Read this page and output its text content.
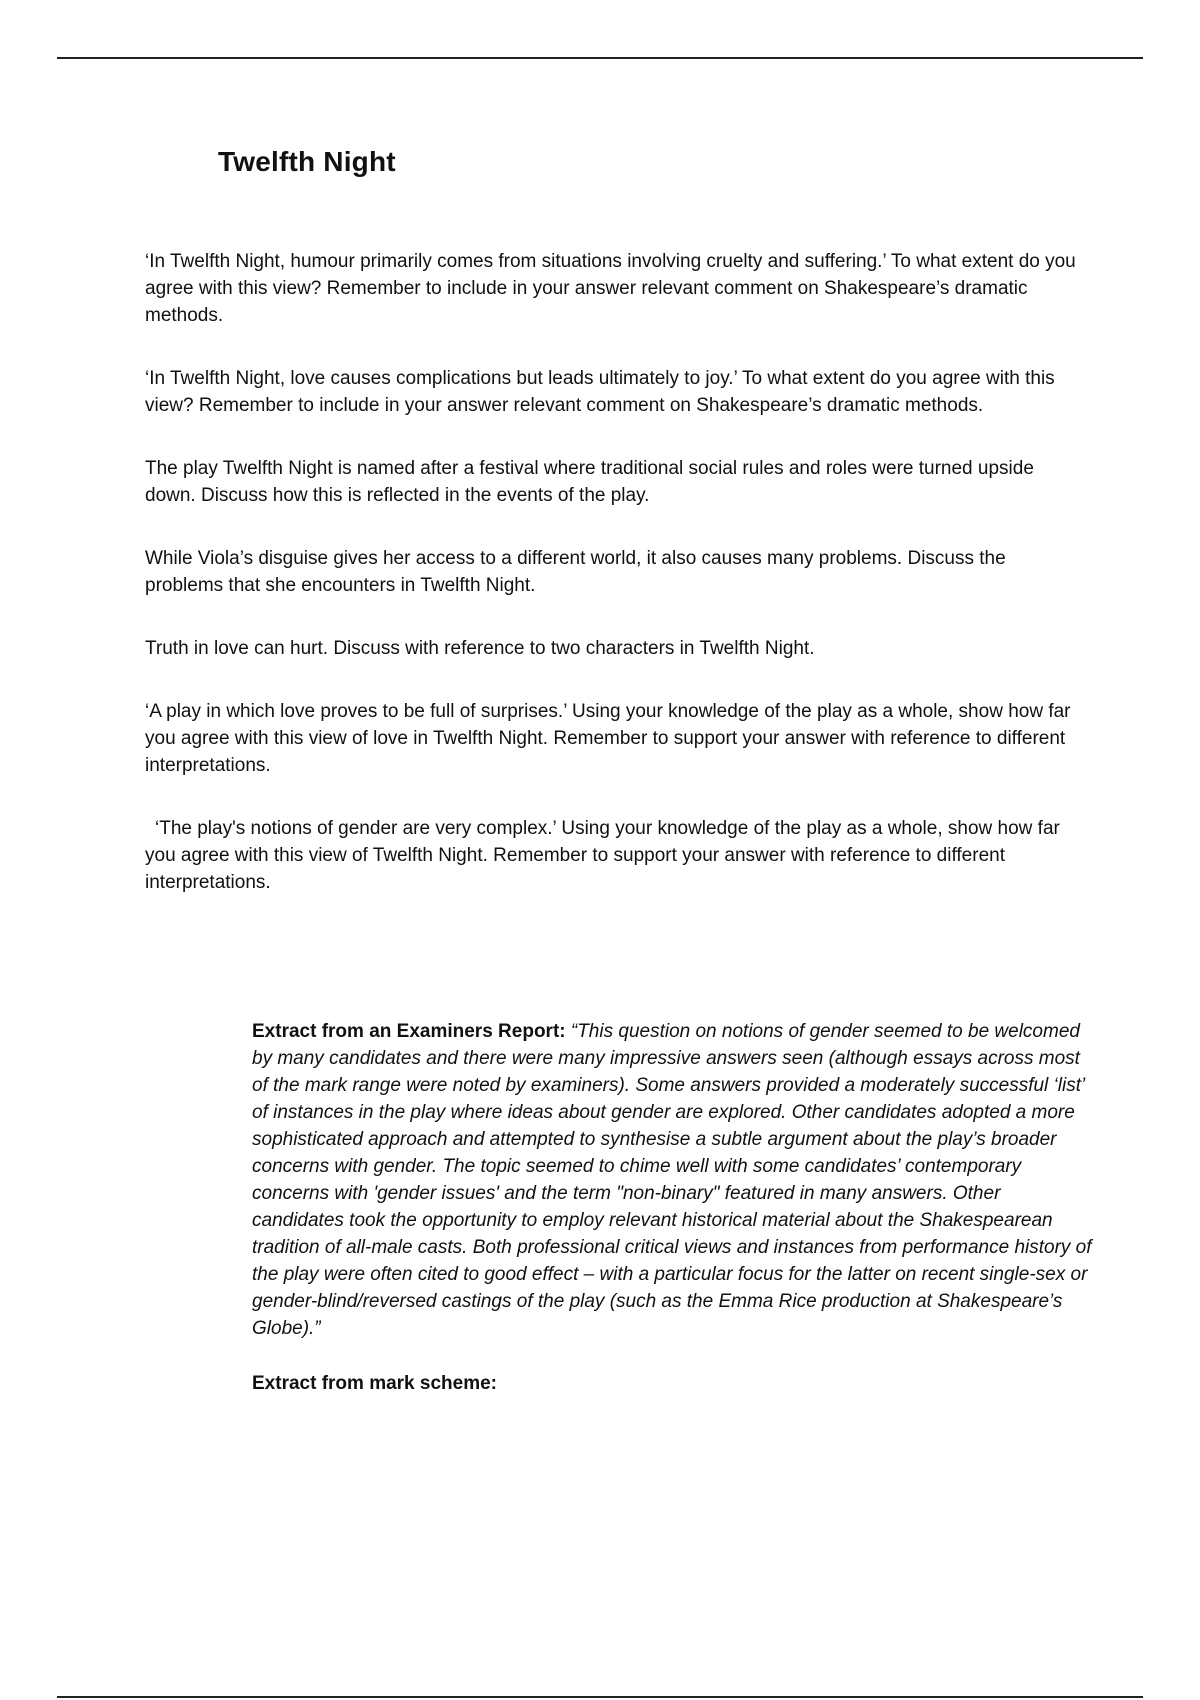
Twelfth Night

‘In Twelfth Night, humour primarily comes from situations involving cruelty and suffering.’ To what extent do you agree with this view? Remember to include in your answer relevant comment on Shakespeare’s dramatic methods.

‘In Twelfth Night, love causes complications but leads ultimately to joy.’ To what extent do you agree with this view? Remember to include in your answer relevant comment on Shakespeare’s dramatic methods.

The play Twelfth Night is named after a festival where traditional social rules and roles were turned upside down. Discuss how this is reflected in the events of the play.

While Viola’s disguise gives her access to a different world, it also causes many problems. Discuss the problems that she encounters in Twelfth Night.

Truth in love can hurt. Discuss with reference to two characters in Twelfth Night.

‘A play in which love proves to be full of surprises.’ Using your knowledge of the play as a whole, show how far you agree with this view of love in Twelfth Night. Remember to support your answer with reference to different interpretations.

‘The play's notions of gender are very complex.’ Using your knowledge of the play as a whole, show how far you agree with this view of Twelfth Night. Remember to support your answer with reference to different interpretations.

Extract from an Examiners Report: “This question on notions of gender seemed to be welcomed by many candidates and there were many impressive answers seen (although essays across most of the mark range were noted by examiners). Some answers provided a moderately successful ‘list’ of instances in the play where ideas about gender are explored. Other candidates adopted a more sophisticated approach and attempted to synthesise a subtle argument about the play’s broader concerns with gender. The topic seemed to chime well with some candidates’ contemporary concerns with 'gender issues' and the term "non-binary" featured in many answers. Other candidates took the opportunity to employ relevant historical material about the Shakespearean tradition of all-male casts. Both professional critical views and instances from performance history of the play were often cited to good effect – with a particular focus for the latter on recent single-sex or gender-blind/reversed castings of the play (such as the Emma Rice production at Shakespeare’s Globe).”

Extract from mark scheme:
